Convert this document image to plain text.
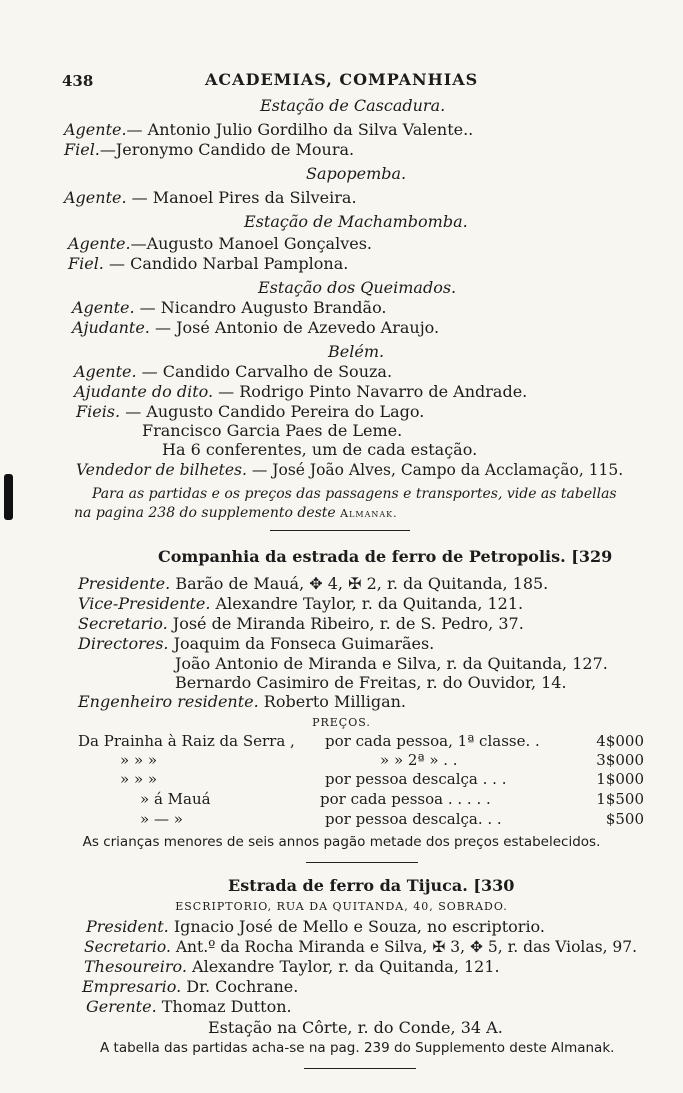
438	ACADEMIAS, COMPANHIAS
Estação de Cascadura.
Agente.— Antonio Julio Gordilho da Silva Valente..
Fiel.—Jeronymo Candido de Moura.
Sapopemba.
Agente. — Manoel Pires da Silveira.
Estação de Machambomba.
Agente.—Augusto Manoel Gonçalves.
Fiel. — Candido Narbal Pamplona.
Estação dos Queimados.
Agente. — Nicandro Augusto Brandão.
Ajudante. — José Antonio de Azevedo Araujo.
Belém.
Agente. — Candido Carvalho de Souza.
Ajudante do dito. — Rodrigo Pinto Navarro de Andrade.
Fieis. — Augusto Candido Pereira do Lago.
Francisco Garcia Paes de Leme.
Ha 6 conferentes, um de cada estação.
Vendedor de bilhetes. — José João Alves, Campo da Acclamação, 115.
Para as partidas e os preços das passagens e transportes, vide as tabellas
na pagina 238 do supplemento deste Almanak.
Companhia da estrada de ferro de Petropolis. [329
Presidente. Barão de Mauá, ✥ 4, ✠ 2, r. da Quitanda, 185.
Vice-Presidente. Alexandre Taylor, r. da Quitanda, 121.
Secretario. José de Miranda Ribeiro, r. de S. Pedro, 37.
Directores. Joaquim da Fonseca Guimarães.
João Antonio de Miranda e Silva, r. da Quitanda, 127.
Bernardo Casimiro de Freitas, r. do Ouvidor, 14.
Engenheiro residente. Roberto Milligan.
PREÇOS.
Da Prainha à Raiz da Serra , por cada pessoa, 1ª classe. .	4$000
» » »	» » 2ª » . .	3$000
» » »	por pessoa descalça . . .	1$000
» á Mauá	por cada pessoa . . . . .	1$500
» — »	por pessoa descalça. . .	$500
As crianças menores de seis annos pagão metade dos preços estabelecidos.
Estrada de ferro da Tijuca. [330
ESCRIPTORIO, RUA DA QUITANDA, 40, SOBRADO.
President. Ignacio José de Mello e Souza, no escriptorio.
Secretario. Ant.º da Rocha Miranda e Silva, ✠ 3, ✥ 5, r. das Violas, 97.
Thesoureiro. Alexandre Taylor, r. da Quitanda, 121.
Empresario. Dr. Cochrane.
Gerente. Thomaz Dutton.
Estação na Côrte, r. do Conde, 34 A.
A tabella das partidas acha-se na pag. 239 do Supplemento deste Almanak.
